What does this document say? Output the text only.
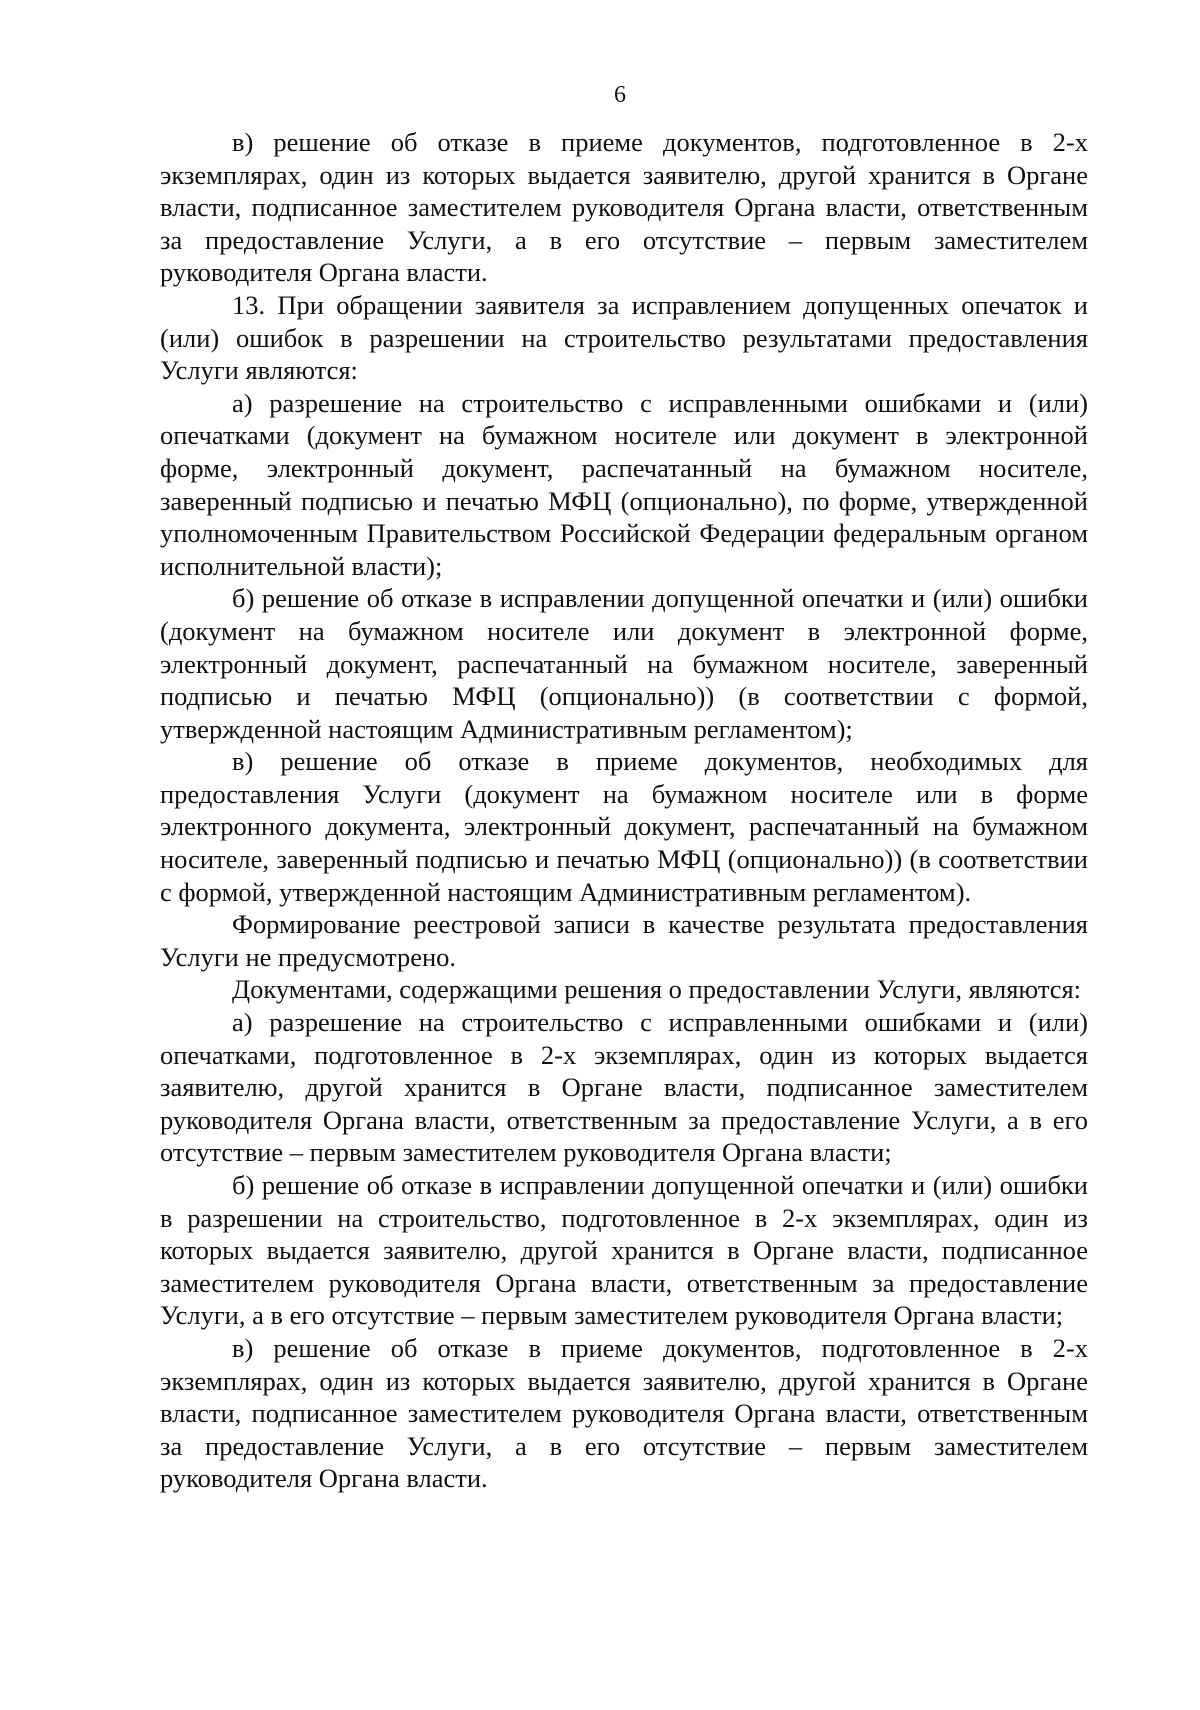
6

в) решение об отказе в приеме документов, подготовленное в 2-х экземплярах, один из которых выдается заявителю, другой хранится в Органе власти, подписанное заместителем руководителя Органа власти, ответственным за предоставление Услуги, а в его отсутствие – первым заместителем руководителя Органа власти.

13. При обращении заявителя за исправлением допущенных опечаток и (или) ошибок в разрешении на строительство результатами предоставления Услуги являются:

а) разрешение на строительство с исправленными ошибками и (или) опечатками (документ на бумажном носителе или документ в электронной форме, электронный документ, распечатанный на бумажном носителе, заверенный подписью и печатью МФЦ (опционально), по форме, утвержденной уполномоченным Правительством Российской Федерации федеральным органом исполнительной власти);

б) решение об отказе в исправлении допущенной опечатки и (или) ошибки (документ на бумажном носителе или документ в электронной форме, электронный документ, распечатанный на бумажном носителе, заверенный подписью и печатью МФЦ (опционально)) (в соответствии с формой, утвержденной настоящим Административным регламентом);

в) решение об отказе в приеме документов, необходимых для предоставления Услуги (документ на бумажном носителе или в форме электронного документа, электронный документ, распечатанный на бумажном носителе, заверенный подписью и печатью МФЦ (опционально)) (в соответствии с формой, утвержденной настоящим Административным регламентом).

Формирование реестровой записи в качестве результата предоставления Услуги не предусмотрено.

Документами, содержащими решения о предоставлении Услуги, являются:

а) разрешение на строительство с исправленными ошибками и (или) опечатками, подготовленное в 2-х экземплярах, один из которых выдается заявителю, другой хранится в Органе власти, подписанное заместителем руководителя Органа власти, ответственным за предоставление Услуги, а в его отсутствие – первым заместителем руководителя Органа власти;

б) решение об отказе в исправлении допущенной опечатки и (или) ошибки в разрешении на строительство, подготовленное в 2-х экземплярах, один из которых выдается заявителю, другой хранится в Органе власти, подписанное заместителем руководителя Органа власти, ответственным за предоставление Услуги, а в его отсутствие – первым заместителем руководителя Органа власти;

в) решение об отказе в приеме документов, подготовленное в 2-х экземплярах, один из которых выдается заявителю, другой хранится в Органе власти, подписанное заместителем руководителя Органа власти, ответственным за предоставление Услуги, а в его отсутствие – первым заместителем руководителя Органа власти.
